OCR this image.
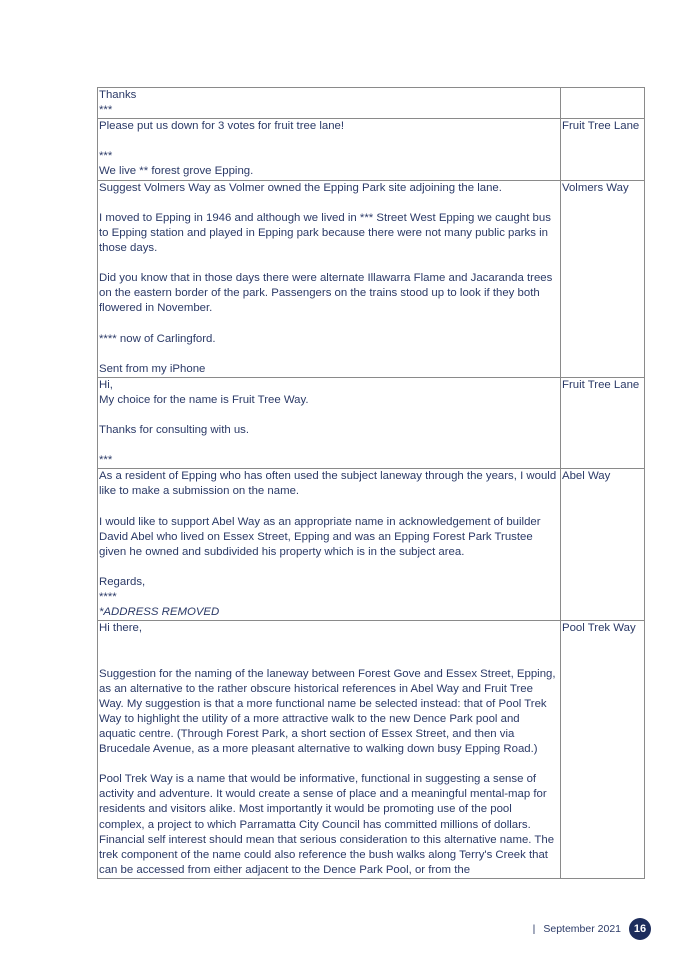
Thanks

***	

Please put us down for 3 votes for fruit tree lane!

***

We live ** forest grove Epping.	Fruit Tree Lane

Suggest Volmers Way as Volmer owned the Epping Park site adjoining the lane.

I moved to Epping in 1946 and although we lived in *** Street West Epping we caught bus to Epping station and played in Epping park because there were not many public parks in those days.

Did you know that in those days there were alternate Illawarra Flame and Jacaranda trees on the eastern border of the park. Passengers on the trains stood up to look if they both flowered in November.

**** now of Carlingford.

Sent from my iPhone	Volmers Way

Hi,

My choice for the name is Fruit Tree Way.

Thanks for consulting with us.

***	Fruit Tree Lane

As a resident of Epping who has often used the subject laneway through the years, I would like to make a submission on the name.

I would like to support Abel Way as an appropriate name in acknowledgement of builder David Abel who lived on Essex Street, Epping and was an Epping Forest Park Trustee given he owned and subdivided his property which is in the subject area.

Regards,

****

*ADDRESS REMOVED	Abel Way

Hi there,

Suggestion for the naming of the laneway between Forest Gove and Essex Street, Epping, as an alternative to the rather obscure historical references in Abel Way and Fruit Tree Way. My suggestion is that a more functional name be selected instead: that of Pool Trek Way to highlight the utility of a more attractive walk to the new Dence Park pool and aquatic centre. (Through Forest Park, a short section of Essex Street, and then via Brucedale Avenue, as a more pleasant alternative to walking down busy Epping Road.)

Pool Trek Way is a name that would be informative, functional in suggesting a sense of activity and adventure. It would create a sense of place and a meaningful mental-map for residents and visitors alike. Most importantly it would be promoting use of the pool complex, a project to which Parramatta City Council has committed millions of dollars. Financial self interest should mean that serious consideration to this alternative name. The trek component of the name could also reference the bush walks along Terry's Creek that can be accessed from either adjacent to the Dence Park Pool, or from the	Pool Trek Way
| September 2021	16
